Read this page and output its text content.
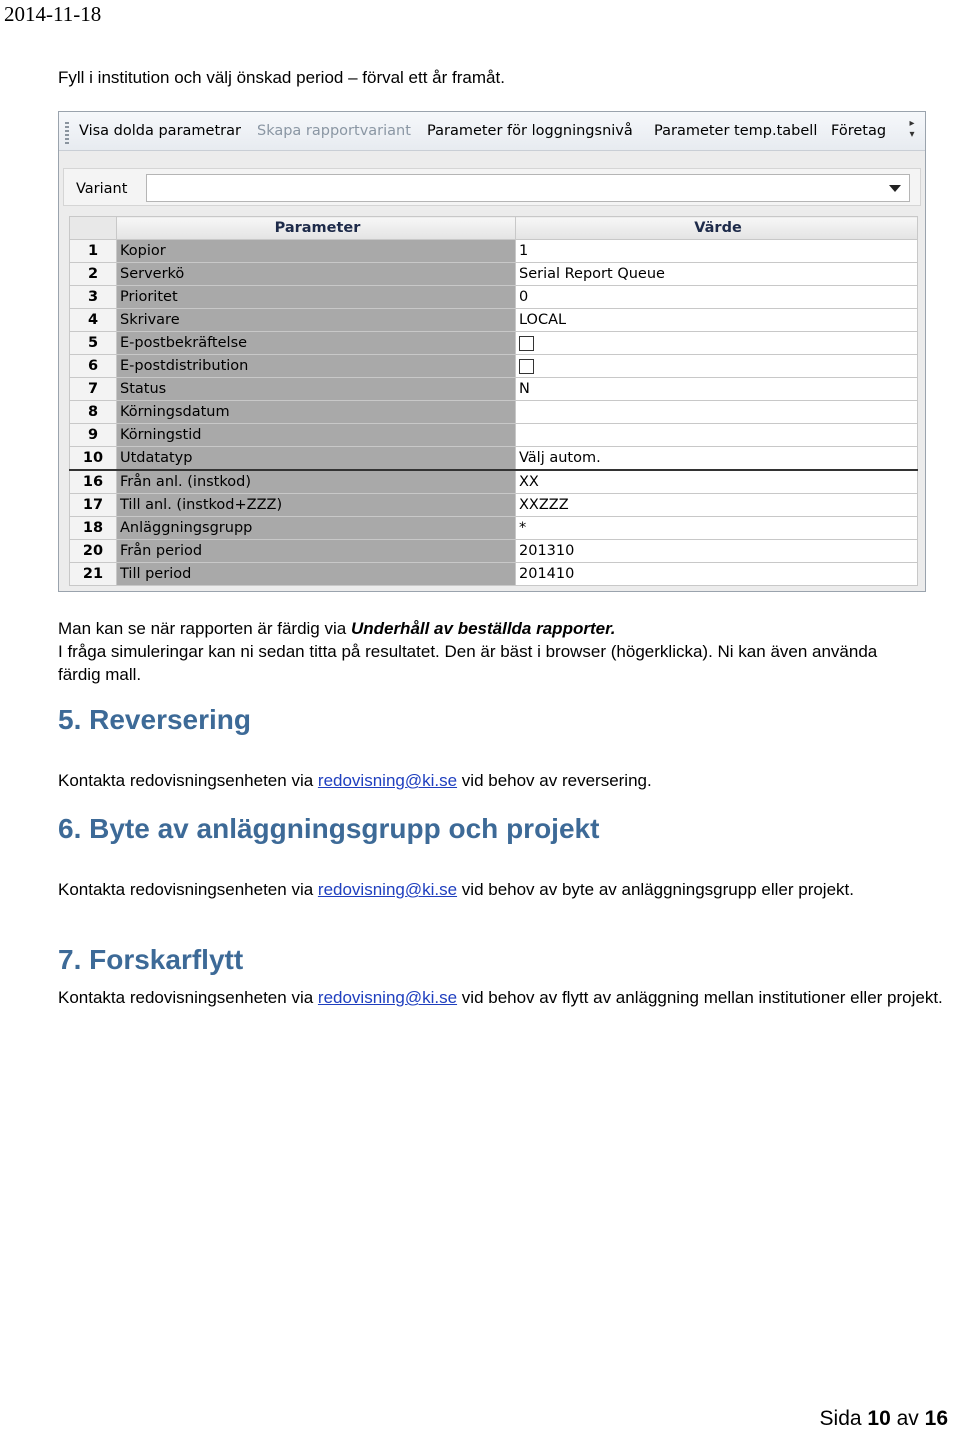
2014-11-18
Fyll i institution och välj önskad period – förval ett år framåt.
Visa dolda parametrar Skapa rapportvariant Parameter för loggningsnivå Parameter temp.tabell Företag	▸
▾
Variant
	Parameter	Värde
1	Kopior	1
2	Serverkö	Serial Report Queue
3	Prioritet	0
4	Skrivare	LOCAL
5	E-postbekräftelse	
6	E-postdistribution	
7	Status	N
8	Körningsdatum	
9	Körningstid	
10	Utdatatyp	Välj autom.
16	Från anl. (instkod)	XX
17	Till anl. (instkod+ZZZ)	XXZZZ
18	Anläggningsgrupp	*
20	Från period	201310
21	Till period	201410
Man kan se när rapporten är färdig via Underhåll av beställda rapporter.
I fråga simuleringar kan ni sedan titta på resultatet. Den är bäst i browser (högerklicka). Ni kan även använda färdig mall.
5. Reversering
Kontakta redovisningsenheten via redovisning@ki.se vid behov av reversering.
6. Byte av anläggningsgrupp och projekt
Kontakta redovisningsenheten via redovisning@ki.se vid behov av byte av anläggningsgrupp eller projekt.
7. Forskarflytt
Kontakta redovisningsenheten via redovisning@ki.se vid behov av flytt av anläggning mellan institutioner eller projekt.
Sida 10 av 16
